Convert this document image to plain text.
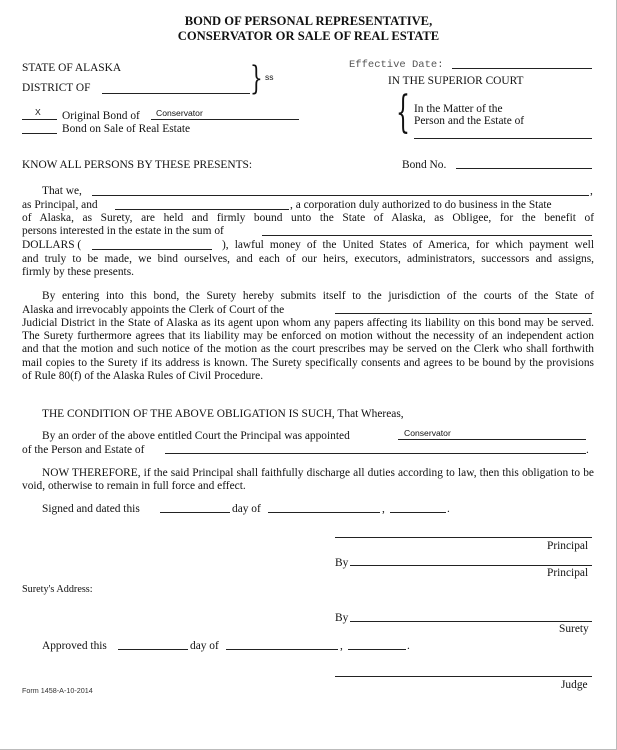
BOND OF PERSONAL REPRESENTATIVE,
CONSERVATOR OR SALE OF REAL ESTATE
STATE OF ALASKA
DISTRICT OF	} ss
Effective Date:
IN THE SUPERIOR COURT
{ In the Matter of the
Person and the Estate of
X Original Bond of Conservator
Bond on Sale of Real Estate
KNOW ALL PERSONS BY THESE PRESENTS:	Bond No.
That we,	,
as Principal, and	, a corporation duly authorized to do business in the State
of Alaska, as Surety, are held and firmly bound unto the State of Alaska, as Obligee, for the benefit of
persons interested in the estate in the sum of
DOLLARS (	), lawful money of the United States of America, for which payment well
and truly to be made, we bind ourselves, and each of our heirs, executors, administrators, successors and assigns,
firmly by these presents.
By entering into this bond, the Surety hereby submits itself to the jurisdiction of the courts of the State of
Alaska and irrevocably appoints the Clerk of Court of the
Judicial District in the State of Alaska as its agent upon whom any papers affecting its liability on this bond may be served. The Surety furthermore agrees that its liability may be enforced on motion without the necessity of an independent action and that the motion and such notice of the motion as the court prescribes may be served on the Clerk who shall forthwith mail copies to the Surety if its address is known. The Surety specifically consents and agrees to be bound by the provisions of Rule 80(f) of the Alaska Rules of Civil Procedure.
THE CONDITION OF THE ABOVE OBLIGATION IS SUCH, That Whereas,
By an order of the above entitled Court the Principal was appointed	Conservator
of the Person and Estate of	.
NOW THEREFORE, if the said Principal shall faithfully discharge all duties according to law, then this obligation to be void, otherwise to remain in full force and effect.
Signed and dated this	day of	,	.
Principal
By
Principal
Surety's Address:
By
Surety
Approved this	day of	,	.
Judge
Form 1458-A-10-2014
